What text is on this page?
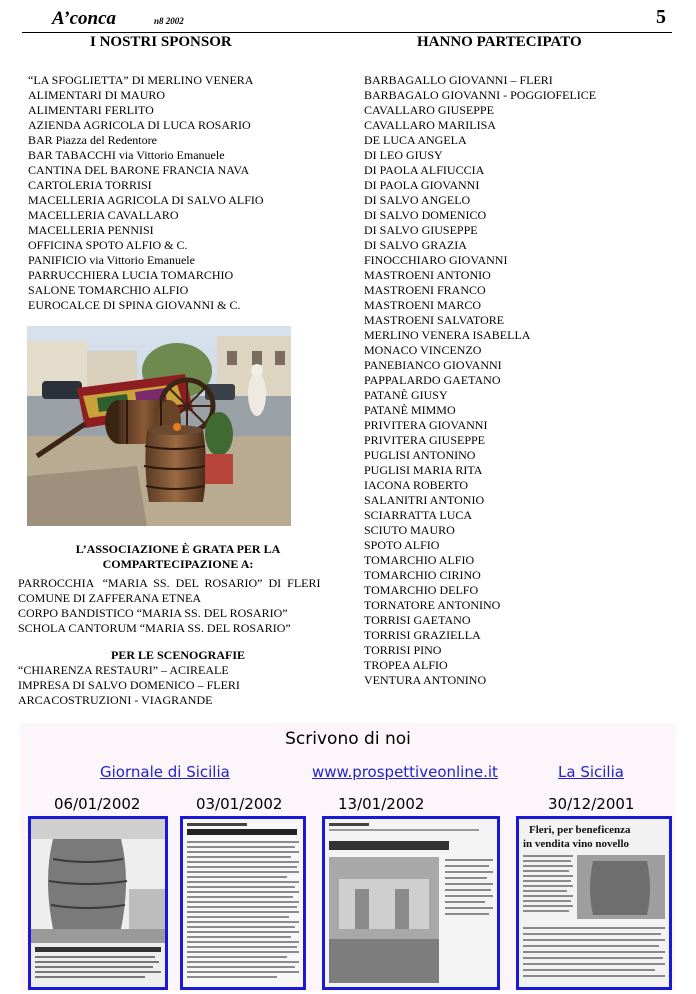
A’conca	n8 2002	5
I NOSTRI SPONSOR	HANNO PARTECIPATO
“LA SFOGLIETTA” DI MERLINO VENERA
ALIMENTARI DI MAURO
ALIMENTARI FERLITO
AZIENDA AGRICOLA DI LUCA ROSARIO
BAR Piazza del Redentore
BAR TABACCHI via Vittorio Emanuele
CANTINA DEL BARONE FRANCIA NAVA
CARTOLERIA TORRISI
MACELLERIA AGRICOLA DI SALVO ALFIO
MACELLERIA CAVALLARO
MACELLERIA PENNISI
OFFICINA SPOTO ALFIO & C.
PANIFICIO via Vittorio Emanuele
PARRUCCHIERA LUCIA TOMARCHIO
SALONE TOMARCHIO ALFIO
EUROCALCE DI SPINA GIOVANNI & C.
BARBAGALLO GIOVANNI – FLERI
BARBAGALO GIOVANNI - POGGIOFELICE
CAVALLARO GIUSEPPE
CAVALLARO MARILISA
DE LUCA ANGELA
DI LEO GIUSY
DI PAOLA ALFIUCCIA
DI PAOLA GIOVANNI
DI SALVO ANGELO
DI SALVO DOMENICO
DI SALVO GIUSEPPE
DI SALVO GRAZIA
FINOCCHIARO GIOVANNI
MASTROENI ANTONIO
MASTROENI FRANCO
MASTROENI MARCO
MASTROENI SALVATORE
MERLINO VENERA ISABELLA
MONACO VINCENZO
PANEBIANCO GIOVANNI
PAPPALARDO GAETANO
PATANÈ GIUSY
PATANÈ MIMMO
PRIVITERA GIOVANNI
PRIVITERA GIUSEPPE
PUGLISI ANTONINO
PUGLISI MARIA RITA
IACONA ROBERTO
SALANITRI ANTONIO
SCIARRATTA LUCA
SCIUTO MAURO
SPOTO ALFIO
TOMARCHIO ALFIO
TOMARCHIO CIRINO
TOMARCHIO DELFO
TORNATORE ANTONINO
TORRISI GAETANO
TORRISI GRAZIELLA
TORRISI PINO
TROPEA ALFIO
VENTURA ANTONINO
L’ASSOCIAZIONE È GRATA PER LA
COMPARTECIPAZIONE A:
PARROCCHIA   “MARIA  SS.  DEL  ROSARIO”  DI  FLERI
COMUNE DI ZAFFERANA ETNEA
CORPO BANDISTICO “MARIA SS. DEL ROSARIO”
SCHOLA CANTORUM “MARIA SS. DEL ROSARIO”
PER LE SCENOGRAFIE
“CHIARENZA RESTAURI” – ACIREALE
IMPRESA DI SALVO DOMENICO – FLERI
ARCACOSTRUZIONI - VIAGRANDE
Scrivono di noi
Giornale di Sicilia	www.prospettiveonline.it	La Sicilia
06/01/2002	03/01/2002	13/01/2002	30/12/2001
Fleri, per beneficenza
in vendita vino novello
